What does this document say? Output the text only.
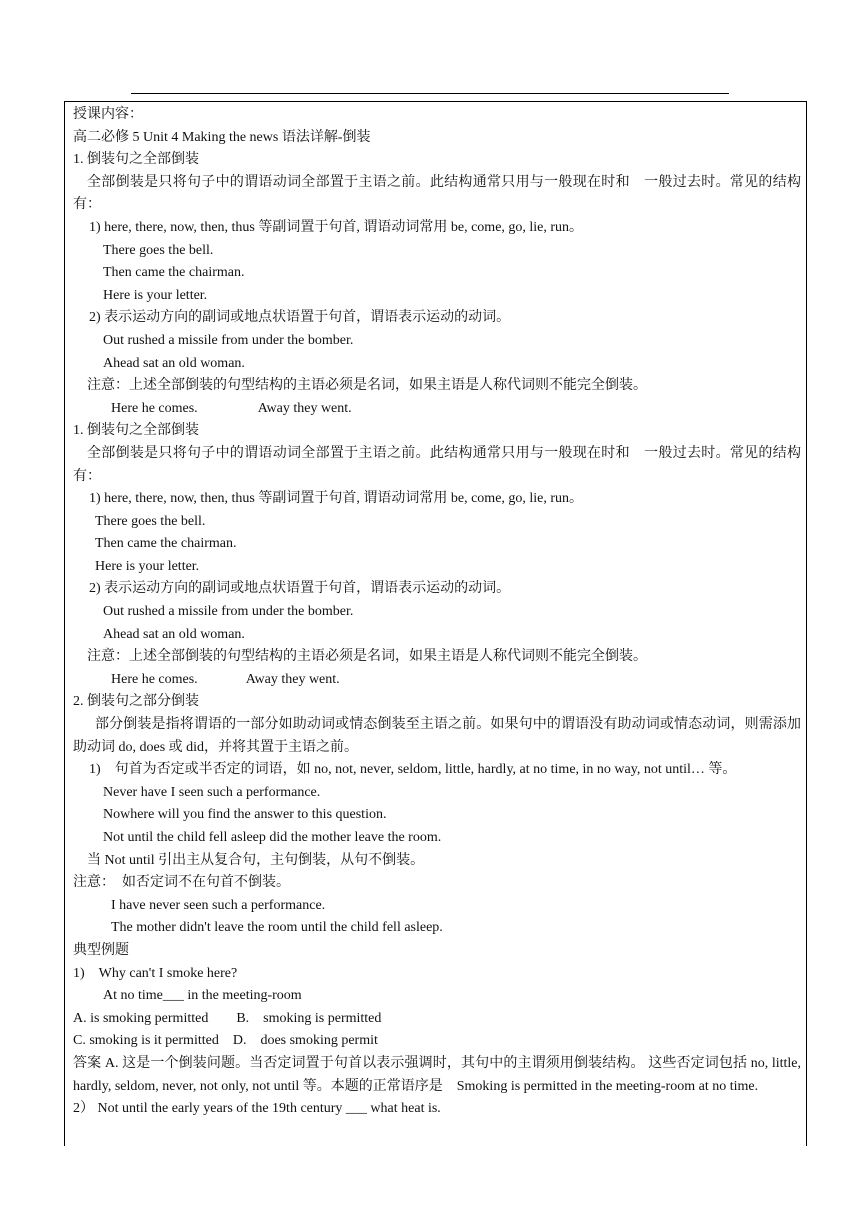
授课内容：
高二必修 5 Unit 4 Making the news 语法详解-倒装
1. 倒装句之全部倒装
全部倒装是只将句子中的谓语动词全部置于主语之前。此结构通常只用与一般现在时和　一般过去时。常见的结构有：
1) here, there, now, then, thus 等副词置于句首, 谓语动词常用 be, come, go, lie, run。
There goes the bell.
Then came the chairman.
Here is your letter.
2) 表示运动方向的副词或地点状语置于句首，谓语表示运动的动词。
Out rushed a missile from under the bomber.
Ahead sat an old woman.
注意：上述全部倒装的句型结构的主语必须是名词，如果主语是人称代词则不能完全倒装。
Here he comes.	Away they went.
1. 倒装句之全部倒装
全部倒装是只将句子中的谓语动词全部置于主语之前。此结构通常只用与一般现在时和　一般过去时。常见的结构有：
1) here, there, now, then, thus 等副词置于句首, 谓语动词常用 be, come, go, lie, run。
There goes the bell.
Then came the chairman.
Here is your letter.
2) 表示运动方向的副词或地点状语置于句首，谓语表示运动的动词。
Out rushed a missile from under the bomber.
Ahead sat an old woman.
注意：上述全部倒装的句型结构的主语必须是名词，如果主语是人称代词则不能完全倒装。
Here he comes.	Away they went.
2. 倒装句之部分倒装
部分倒装是指将谓语的一部分如助动词或情态倒装至主语之前。如果句中的谓语没有助动词或情态动词，则需添加助动词 do, does 或 did，并将其置于主语之前。
1)　句首为否定或半否定的词语，如 no, not, never, seldom, little, hardly, at no time, in no way, not until… 等。
Never have I seen such a performance.
Nowhere will you find the answer to this question.
Not until the child fell asleep did the mother leave the room.
当 Not until 引出主从复合句，主句倒装，从句不倒装。
注意：　如否定词不在句首不倒装。
I have never seen such a performance.
The mother didn't leave the room until the child fell asleep.
典型例题
1)　Why can't I smoke here?
At no time___ in the meeting-room
A. is smoking permitted　　B.　smoking is permitted
C. smoking is it permitted　D.　does smoking permit
答案 A. 这是一个倒装问题。当否定词置于句首以表示强调时，其句中的主谓须用倒装结构。 这些否定词包括 no, little, hardly, seldom, never, not only, not until 等。本题的正常语序是　Smoking is permitted in the meeting-room at no time.
2） Not until the early years of the 19th century ___ what heat is.
